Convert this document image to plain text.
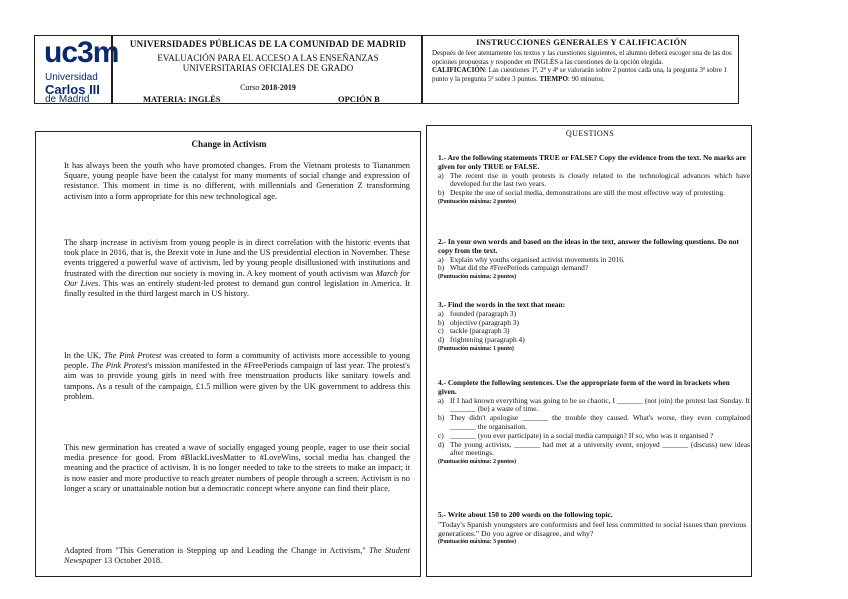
uc3m
Universidad
Carlos III
de Madrid
UNIVERSIDADES PÚBLICAS DE LA COMUNIDAD DE MADRID
EVALUACIÓN PARA EL ACCESO A LAS ENSEÑANZAS
UNIVERSITARIAS OFICIALES DE GRADO
Curso 2018-2019
MATERIA: INGLÉS	OPCIÓN B
INSTRUCCIONES GENERALES Y CALIFICACIÓN
Después de leer atentamente los textos y las cuestiones siguientes, el alumno deberá escoger una de las dos opciones propuestas y responder en INGLÉS a las cuestiones de la opción elegida.
CALIFICACIÓN: Las cuestiones 1ª, 2ª y 4ª se valorarán sobre 2 puntos cada una, la pregunta 3ª sobre 1 punto y la pregunta 5ª sobre 3 puntos. TIEMPO: 90 minutos.
Change in Activism
It has always been the youth who have promoted changes. From the Vietnam protests to Tiananmen Square, young people have been the catalyst for many moments of social change and expression of resistance. This moment in time is no different, with millennials and Generation Z transforming activism into a form appropriate for this new technological age.
The sharp increase in activism from young people is in direct correlation with the historic events that took place in 2016, that is, the Brexit vote in June and the US presidential election in November. These events triggered a powerful wave of activism, led by young people disillusioned with institutions and frustrated with the direction our society is moving in. A key moment of youth activism was March for Our Lives. This was an entirely student-led protest to demand gun control legislation in America. It finally resulted in the third largest march in US history.
In the UK, The Pink Protest was created to form a community of activists more accessible to young people. The Pink Protest's mission manifested in the #FreePeriods campaign of last year. The protest's aim was to provide young girls in need with free menstruation products like sanitary towels and tampons. As a result of the campaign, £1.5 million were given by the UK government to address this problem.
This new germination has created a wave of socially engaged young people, eager to use their social media presence for good. From #BlackLivesMatter to #LoveWins, social media has changed the meaning and the practice of activism. It is no longer needed to take to the streets to make an impact; it is now easier and more productive to reach greater numbers of people through a screen. Activism is no longer a scary or unattainable notion but a democratic concept where anyone can find their place.
Adapted from "This Generation is Stepping up and Leading the Change in Activism," The Student Newspaper 13 October 2018.
QUESTIONS
1.- Are the following statements TRUE or FALSE? Copy the evidence from the text. No marks are given for only TRUE or FALSE.
a) The recent rise in youth protests is closely related to the technological advances which have developed for the last two years.
b) Despite the use of social media, demonstrations are still the most effective way of protesting.
(Puntuación máxima: 2 puntos)
2.- In your own words and based on the ideas in the text, answer the following questions. Do not copy from the text.
a) Explain why youths organised activist movements in 2016.
b) What did the #FreePeriods campaign demand?
(Puntuación máxima: 2 puntos)
3.- Find the words in the text that mean:
a) founded (paragraph 3)
b) objective (paragraph 3)
c) tackle (paragraph 3)
d) frightening (paragraph 4)
(Puntuación máxima: 1 punto)
4.- Complete the following sentences. Use the appropriate form of the word in brackets when given.
a) If I had known everything was going to be so chaotic, I _______ (not join) the protest last Sunday. It _______ (be) a waste of time.
b) They didn't apologise _______ the trouble they caused. What's worse, they even complained _______ the organisation.
c) _______ (you ever participate) in a social media campaign? If so, who was it organised ?
d) The young activists, _______ had met at a university event, enjoyed _______ (discuss) new ideas after meetings.
(Puntuación máxima: 2 puntos)
5.- Write about 150 to 200 words on the following topic.
"Today's Spanish youngsters are conformists and feel less committed to social issues than previous generations." Do you agree or disagree, and why?
(Puntuación máxima: 3 puntos)
